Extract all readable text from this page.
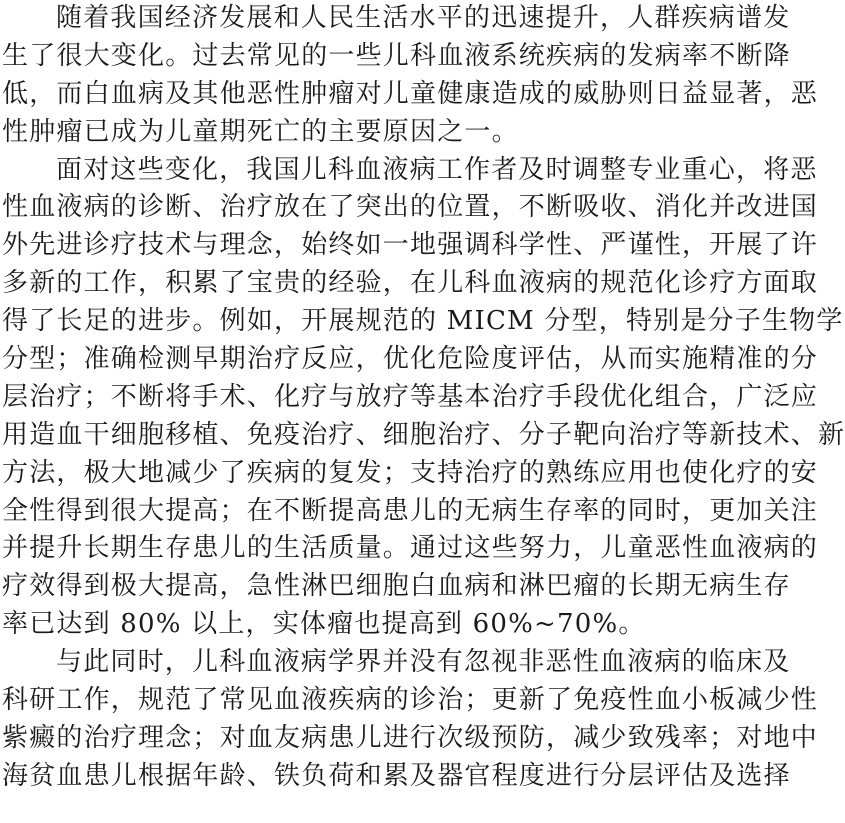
随着我国经济发展和人民生活水平的迅速提升，人群疾病谱发
生了很大变化。过去常见的一些儿科血液系统疾病的发病率不断降
低，而白血病及其他恶性肿瘤对儿童健康造成的威胁则日益显著，恶
性肿瘤已成为儿童期死亡的主要原因之一。
面对这些变化，我国儿科血液病工作者及时调整专业重心，将恶
性血液病的诊断、治疗放在了突出的位置，不断吸收、消化并改进国
外先进诊疗技术与理念，始终如一地强调科学性、严谨性，开展了许
多新的工作，积累了宝贵的经验，在儿科血液病的规范化诊疗方面取
得了长足的进步。例如，开展规范的 MICM 分型，特别是分子生物学
分型；准确检测早期治疗反应，优化危险度评估，从而实施精准的分
层治疗；不断将手术、化疗与放疗等基本治疗手段优化组合，广泛应
用造血干细胞移植、免疫治疗、细胞治疗、分子靶向治疗等新技术、新
方法，极大地减少了疾病的复发；支持治疗的熟练应用也使化疗的安
全性得到很大提高；在不断提高患儿的无病生存率的同时，更加关注
并提升长期生存患儿的生活质量。通过这些努力，儿童恶性血液病的
疗效得到极大提高，急性淋巴细胞白血病和淋巴瘤的长期无病生存
率已达到 80% 以上，实体瘤也提高到 60%~70%。
与此同时，儿科血液病学界并没有忽视非恶性血液病的临床及
科研工作，规范了常见血液疾病的诊治；更新了免疫性血小板减少性
紫癜的治疗理念；对血友病患儿进行次级预防，减少致残率；对地中
海贫血患儿根据年龄、铁负荷和累及器官程度进行分层评估及选择
